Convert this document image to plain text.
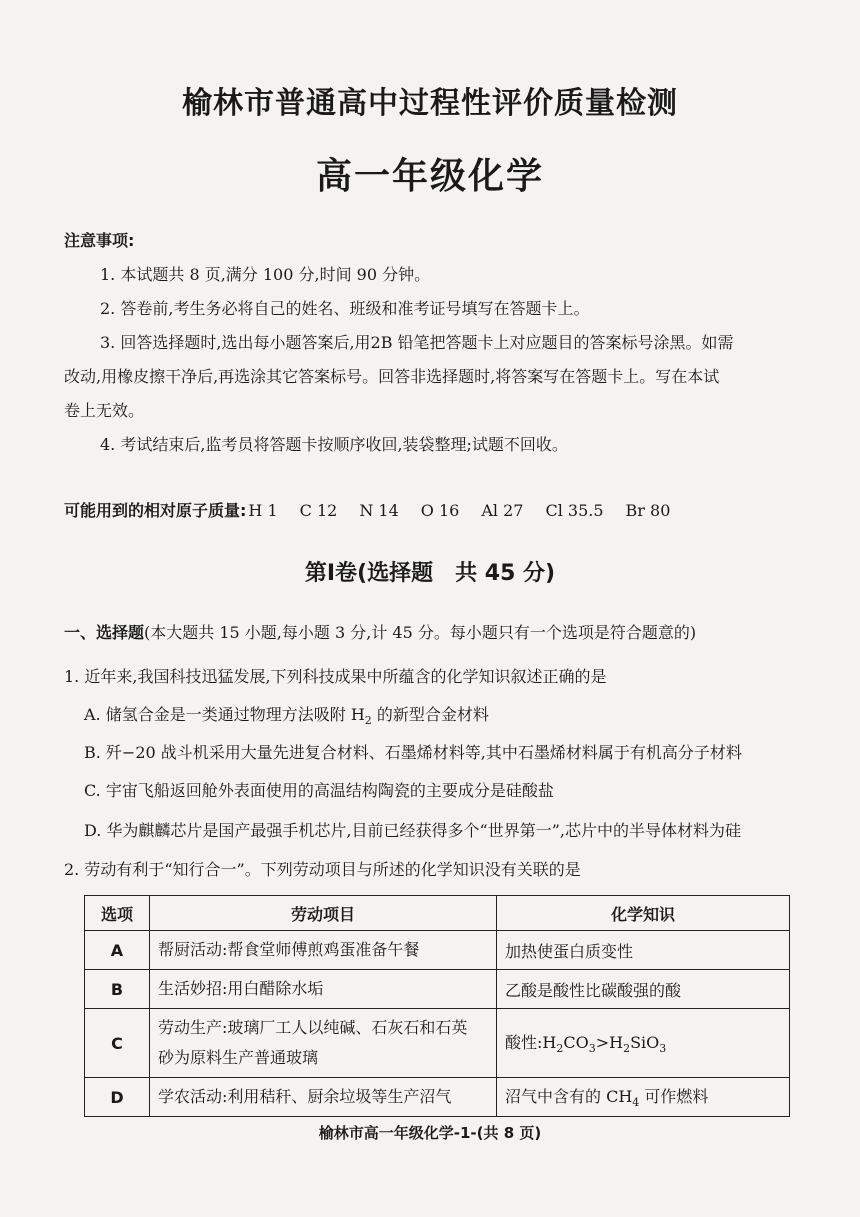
榆林市普通高中过程性评价质量检测
高一年级化学
注意事项:

1. 本试题共 8 页,满分 100 分,时间 90 分钟。

2. 答卷前,考生务必将自己的姓名、班级和准考证号填写在答题卡上。

3. 回答选择题时,选出每小题答案后,用2B 铅笔把答题卡上对应题目的答案标号涂黑。如需

改动,用橡皮擦干净后,再选涂其它答案标号。回答非选择题时,将答案写在答题卡上。写在本试

卷上无效。

4. 考试结束后,监考员将答题卡按顺序收回,装袋整理;试题不回收。

可能用到的相对原子质量: H 1 C 12 N 14 O 16 Al 27 Cl 35.5 Br 80
第Ⅰ卷(选择题　共 45 分)
一、选择题(本大题共 15 小题,每小题 3 分,计 45 分。每小题只有一个选项是符合题意的)
1. 近年来,我国科技迅猛发展,下列科技成果中所蕴含的化学知识叙述正确的是
A. 储氢合金是一类通过物理方法吸附 $H_2$ 的新型合金材料
B. 歼−20 战斗机采用大量先进复合材料、石墨烯材料等,其中石墨烯材料属于有机高分子材料
C. 宇宙飞船返回舱外表面使用的高温结构陶瓷的主要成分是硅酸盐
D. 华为麒麟芯片是国产最强手机芯片,目前已经获得多个“世界第一”,芯片中的半导体材料为硅
2. 劳动有利于“知行合一”。下列劳动项目与所述的化学知识没有关联的是
选项	劳动项目	化学知识
A	帮厨活动:帮食堂师傅煎鸡蛋准备午餐	加热使蛋白质变性
B	生活妙招:用白醋除水垢	乙酸是酸性比碳酸强的酸
C	劳动生产:玻璃厂工人以纯碱、石灰石和石英
砂为原料生产普通玻璃	酸性$:H_2CO_3>H_2SiO_3$
D	学农活动:利用秸秆、厨余垃圾等生产沼气	沼气中含有的 $CH_4$ 可作燃料
榆林市高一年级化学-1-(共 8 页)
